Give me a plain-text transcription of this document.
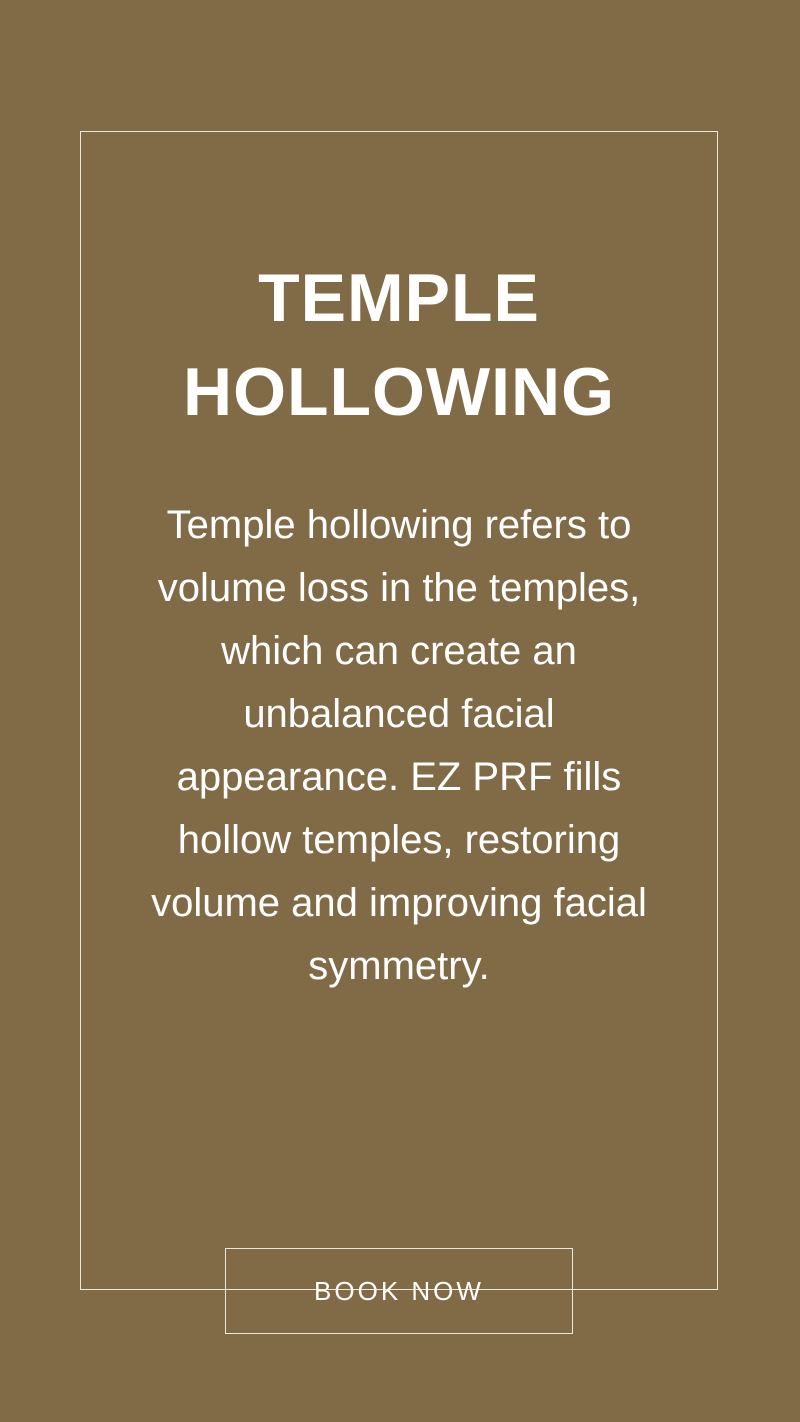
TEMPLE HOLLOWING
Temple hollowing refers to volume loss in the temples, which can create an unbalanced facial appearance. EZ PRF fills hollow temples, restoring volume and improving facial symmetry.
BOOK NOW
